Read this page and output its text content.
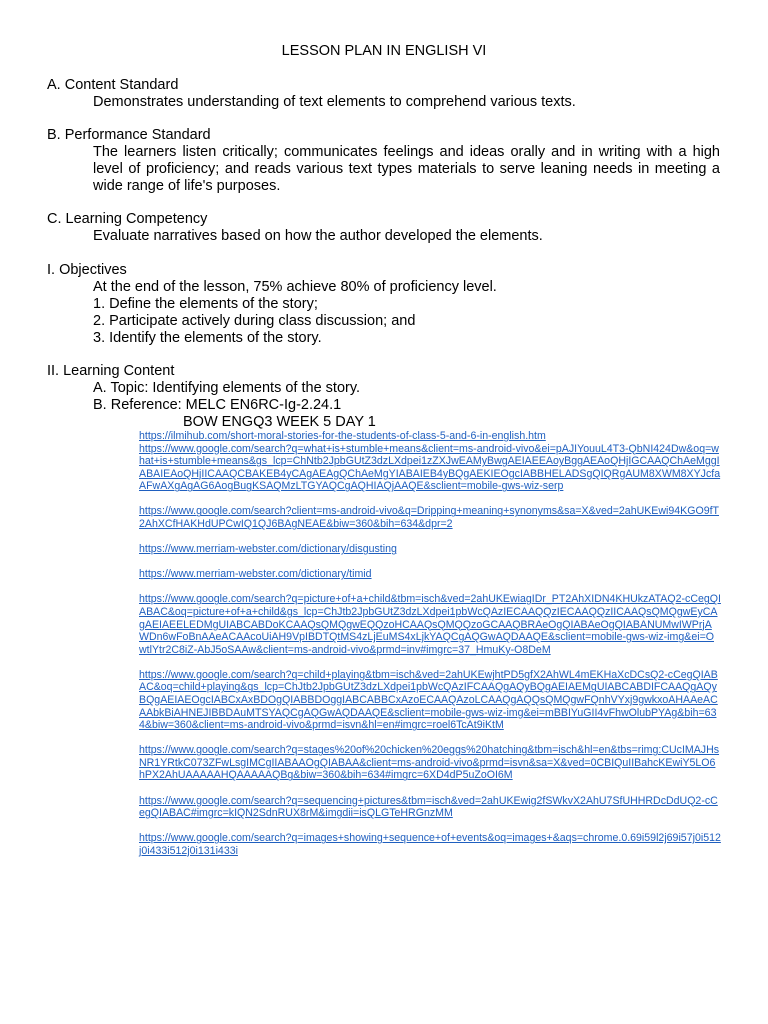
LESSON PLAN IN ENGLISH VI
A. Content Standard
Demonstrates understanding of text elements to comprehend various texts.
B. Performance Standard
The learners listen critically; communicates feelings and ideas orally and in writing with a high level of proficiency; and reads various text types materials to serve leaning needs in meeting a wide range of life's purposes.
C. Learning Competency
Evaluate narratives based on how the author developed the elements.
I. Objectives
At the end of the lesson, 75% achieve 80% of proficiency level.
1. Define the elements of the story;
2. Participate actively during class discussion; and
3. Identify the elements of the story.
II. Learning Content
A. Topic: Identifying elements of the story.
B. Reference: MELC EN6RC-Ig-2.24.1
BOW ENGQ3 WEEK 5 DAY 1
https://ilmihub.com/short-moral-stories-for-the-students-of-class-5-and-6-in-english.htm
https://www.google.com/search?q=what+is+stumble+means&client=ms-android-vivo&ei=pAJIYouuL4T3-QbNI424Dw&oq=what+is+stumble+means&gs_lcp=ChNtb2JpbGUtZ3dzLXdpei1zZXJwEAMyBwgAEIAEEAoyBggAEAoQHjIGCAAQChAeMggIABAIEAoQHjIICAAQCBAKEB4yCAgAEAgQChAeMgYIABAIEB4yBQgAEKIEOgcIABBHELADSgQIQRgAUM8XWM8XYJcfaAFwAXgAgAG6AogBugKSAQMzLTGYAQCgAQHIAQjAAQE&sclient=mobile-gws-wiz-serp
https://www.google.com/search?client=ms-android-vivo&q=Dripping+meaning+synonyms&sa=X&ved=2ahUKEwi94KGO9fT2AhXCfHAKHdUPCwIQ1QJ6BAgNEAE&biw=360&bih=634&dpr=2
https://www.merriam-webster.com/dictionary/disgusting
https://www.merriam-webster.com/dictionary/timid
https://www.google.com/search?q=picture+of+a+child&tbm=isch&ved=2ahUKEwiagIDr_PT2AhXIDN4KHUkzATAQ2-cCegQIABAC&oq=picture+of+a+child&gs_lcp=ChJtb2JpbGUtZ3dzLXdpei1pbWcQAzIECAAQQzIECAAQQzIICAAQsQMQgwEyCAgAEIAEELEDMgUIABCABDoKCAAQsQMQgwEQQzoHCAAQsQMQQzoGCAAQBRAeOgQIABAeOgQIABANUMwIWPrjAWDn6wFoBnAAeACAAcoUiAH9VpIBDTQtMS4zLjEuMS4xLjkYAQCgAQGwAQDAAQE&sclient=mobile-gws-wiz-img&ei=OwtlYtr2C8iZ-AbJ5oSAAw&client=ms-android-vivo&prmd=inv#imgrc=37_HmuKy-O8DeM
https://www.google.com/search?q=child+playing&tbm=isch&ved=2ahUKEwjhtPD5gfX2AhWL4mEKHaXcDCsQ2-cCegQIABAC&oq=child+playing&gs_lcp=ChJtb2JpbGUtZ3dzLXdpei1pbWcQAzIFCAAQgAQyBQgAEIAEMgUIABCABDIFCAAQgAQyBQgAEIAEOgcIABCxAxBDOgQIABBDOggIABCABBCxAzoECAAQAzoLCAAQgAQQsQMQgwFQnhVYxj9gwkxoAHAAeACAAbkBiAHNEJIBBDAuMTSYAQCgAQGwAQDAAQE&sclient=mobile-gws-wiz-img&ei=mBBIYuGII4vFhwOlubPYAg&bih=634&biw=360&client=ms-android-vivo&prmd=isvn&hl=en#imgrc=roel6TcAt9iKtM
https://www.google.com/search?q=stages%20of%20chicken%20eggs%20hatching&tbm=isch&hl=en&tbs=rimg:CUcIMAJHsNR1YRtkC073ZFwLsgIMCgIIABAAOgQIABAA&client=ms-android-vivo&prmd=isvn&sa=X&ved=0CBIQuIIBahcKEwiY5LO6hPX2AhUAAAAAHQAAAAAQBg&biw=360&bih=634#imgrc=6XD4dP5uZoOI6M
https://www.google.com/search?q=sequencing+pictures&tbm=isch&ved=2ahUKEwig2fSWkvX2AhU7SfUHHRDcDdUQ2-cCegQIABAC#imgrc=kIQN2SdnRUX8rM&imgdii=isQLGTeHRGnzMM
https://www.google.com/search?q=images+showing+sequence+of+events&oq=images+&aqs=chrome.0.69i59l2j69i57j0i512j0i433i512j0i131i433i
